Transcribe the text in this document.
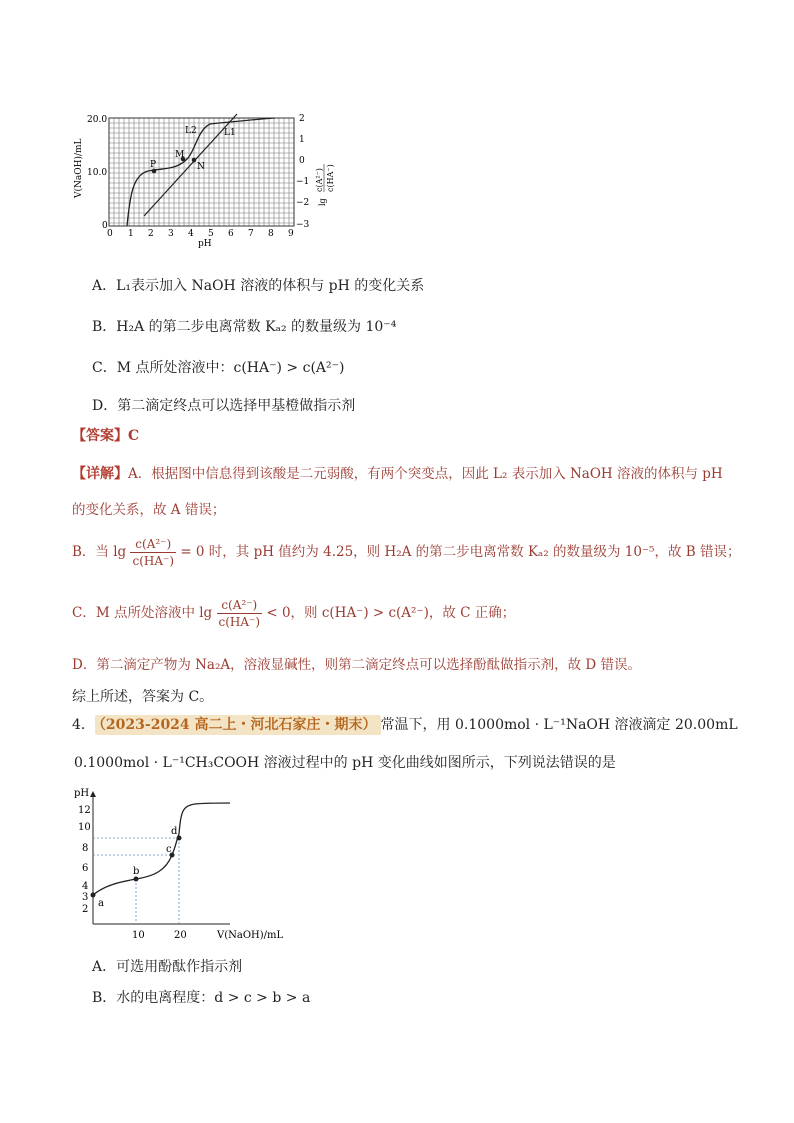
P
M
N
L2	L1
20.0
10.0
0
V(NaOH)/mL
0 1 2 3 4 5 6 7 8 9
pH
2
1
0
−1
−2
−3
lg
c(A²⁻) c(HA⁻)
A．L₁表示加入 NaOH 溶液的体积与 pH 的变化关系
B．H₂A 的第二步电离常数 Kₐ₂ 的数量级为 10⁻⁴
C．M 点所处溶液中：c(HA⁻) > c(A²⁻)
D．第二滴定终点可以选择甲基橙做指示剂
【答案】C
【详解】A．根据图中信息得到该酸是二元弱酸，有两个突变点，因此 L₂ 表示加入 NaOH 溶液的体积与 pH
的变化关系，故 A 错误；
B．当 $\lg \frac{\text{c(A²⁻)}}{c(HA^-)} = 0$ 时，其 pH 值约为 4.25，则 H₂A 的第二步电离常数 Kₐ₂ 的数量级为 10⁻⁵，故 B 错误；
C．M 点所处溶液中 $\lg \frac{\text{c(A²⁻)}}{c(HA^-)} < 0$，则 c(HA⁻) > c(A²⁻)，故 C 正确；
D．第二滴定产物为 Na₂A，溶液显碱性，则第二滴定终点可以选择酚酞做指示剂，故 D 错误。
综上所述，答案为 C。
4． （2023-2024 高二上・河北石家庄・期末） 常温下，用 0.1000mol · L⁻¹NaOH 溶液滴定 20.00mL
0.1000mol · L⁻¹CH₃COOH 溶液过程中的 pH 变化曲线如图所示，下列说法错误的是
pH
12
10
8
6
4
3
2
a
b
c
d
10	20	V(NaOH)/mL
A．可选用酚酞作指示剂
B．水的电离程度：d > c > b > a
